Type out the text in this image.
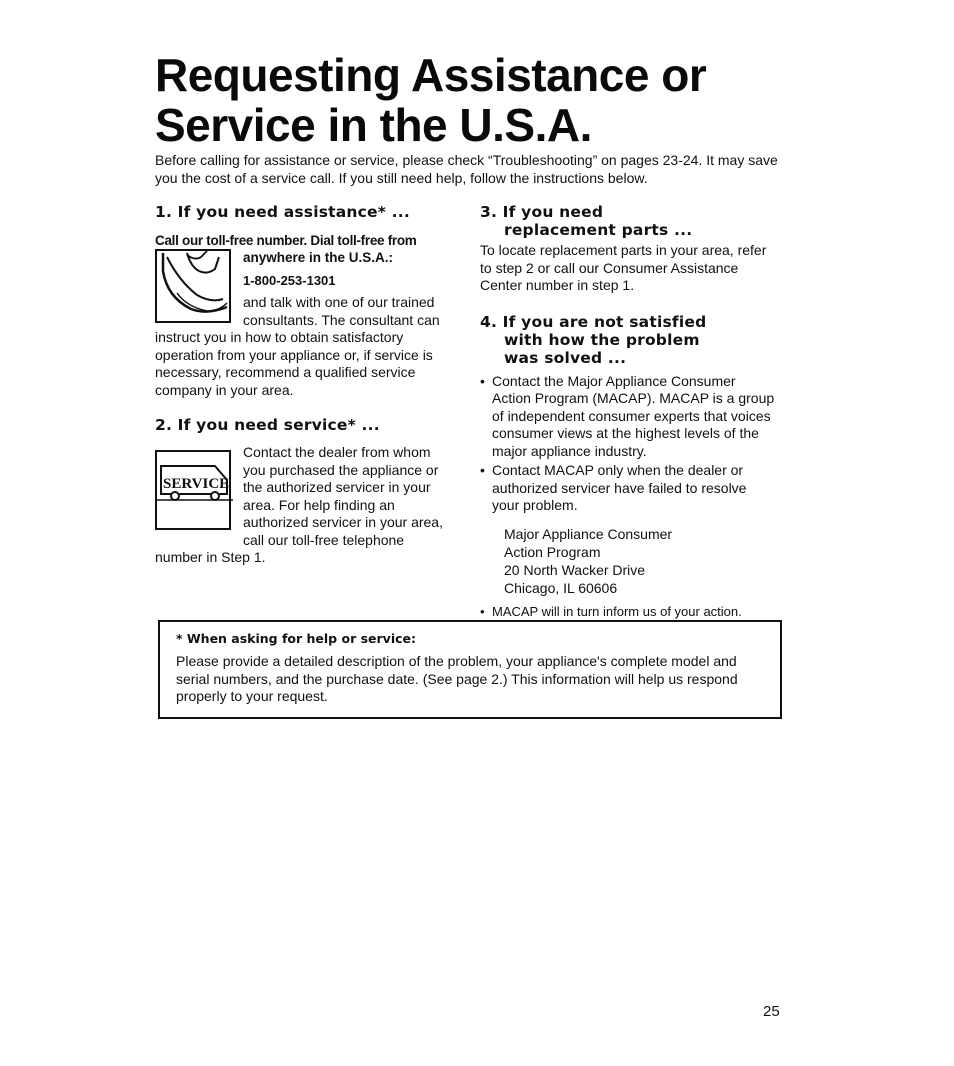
Requesting Assistance or
Service in the U.S.A.

Before calling for assistance or service, please check “Troubleshooting” on pages 23-24. It may save you the cost of a service call. If you still need help, follow the instructions below.

1. If you need assistance* ...

Call our toll-free number. Dial toll-free from

anywhere in the U.S.A.:

1-800-253-1301

and talk with one of our trained consultants. The consultant can instruct you in how to obtain satisfactory operation from your appliance or, if service is necessary, recommend a qualified service company in your area.

2. If you need service* ...
SERVICE

Contact the dealer from whom you purchased the appliance or the authorized servicer in your area. For help finding an authorized servicer in your area, call our toll-free telephone number in Step 1.

3. If you need
replacement parts ...

To locate replacement parts in your area, refer to step 2 or call our Consumer Assistance Center number in step 1.

4. If you are not satisfied
with how the problem
was solved ...
• Contact the Major Appliance Consumer Action Program (MACAP). MACAP is a group of independent consumer experts that voices consumer views at the highest levels of the major appliance industry.
• Contact MACAP only when the dealer or authorized servicer have failed to resolve your problem.
Major Appliance Consumer
Action Program
20 North Wacker Drive
Chicago, IL 60606
• MACAP will in turn inform us of your action.
* When asking for help or service:

Please provide a detailed description of the problem, your appliance's complete model and serial numbers, and the purchase date. (See page 2.) This information will help us respond properly to your request.

25
